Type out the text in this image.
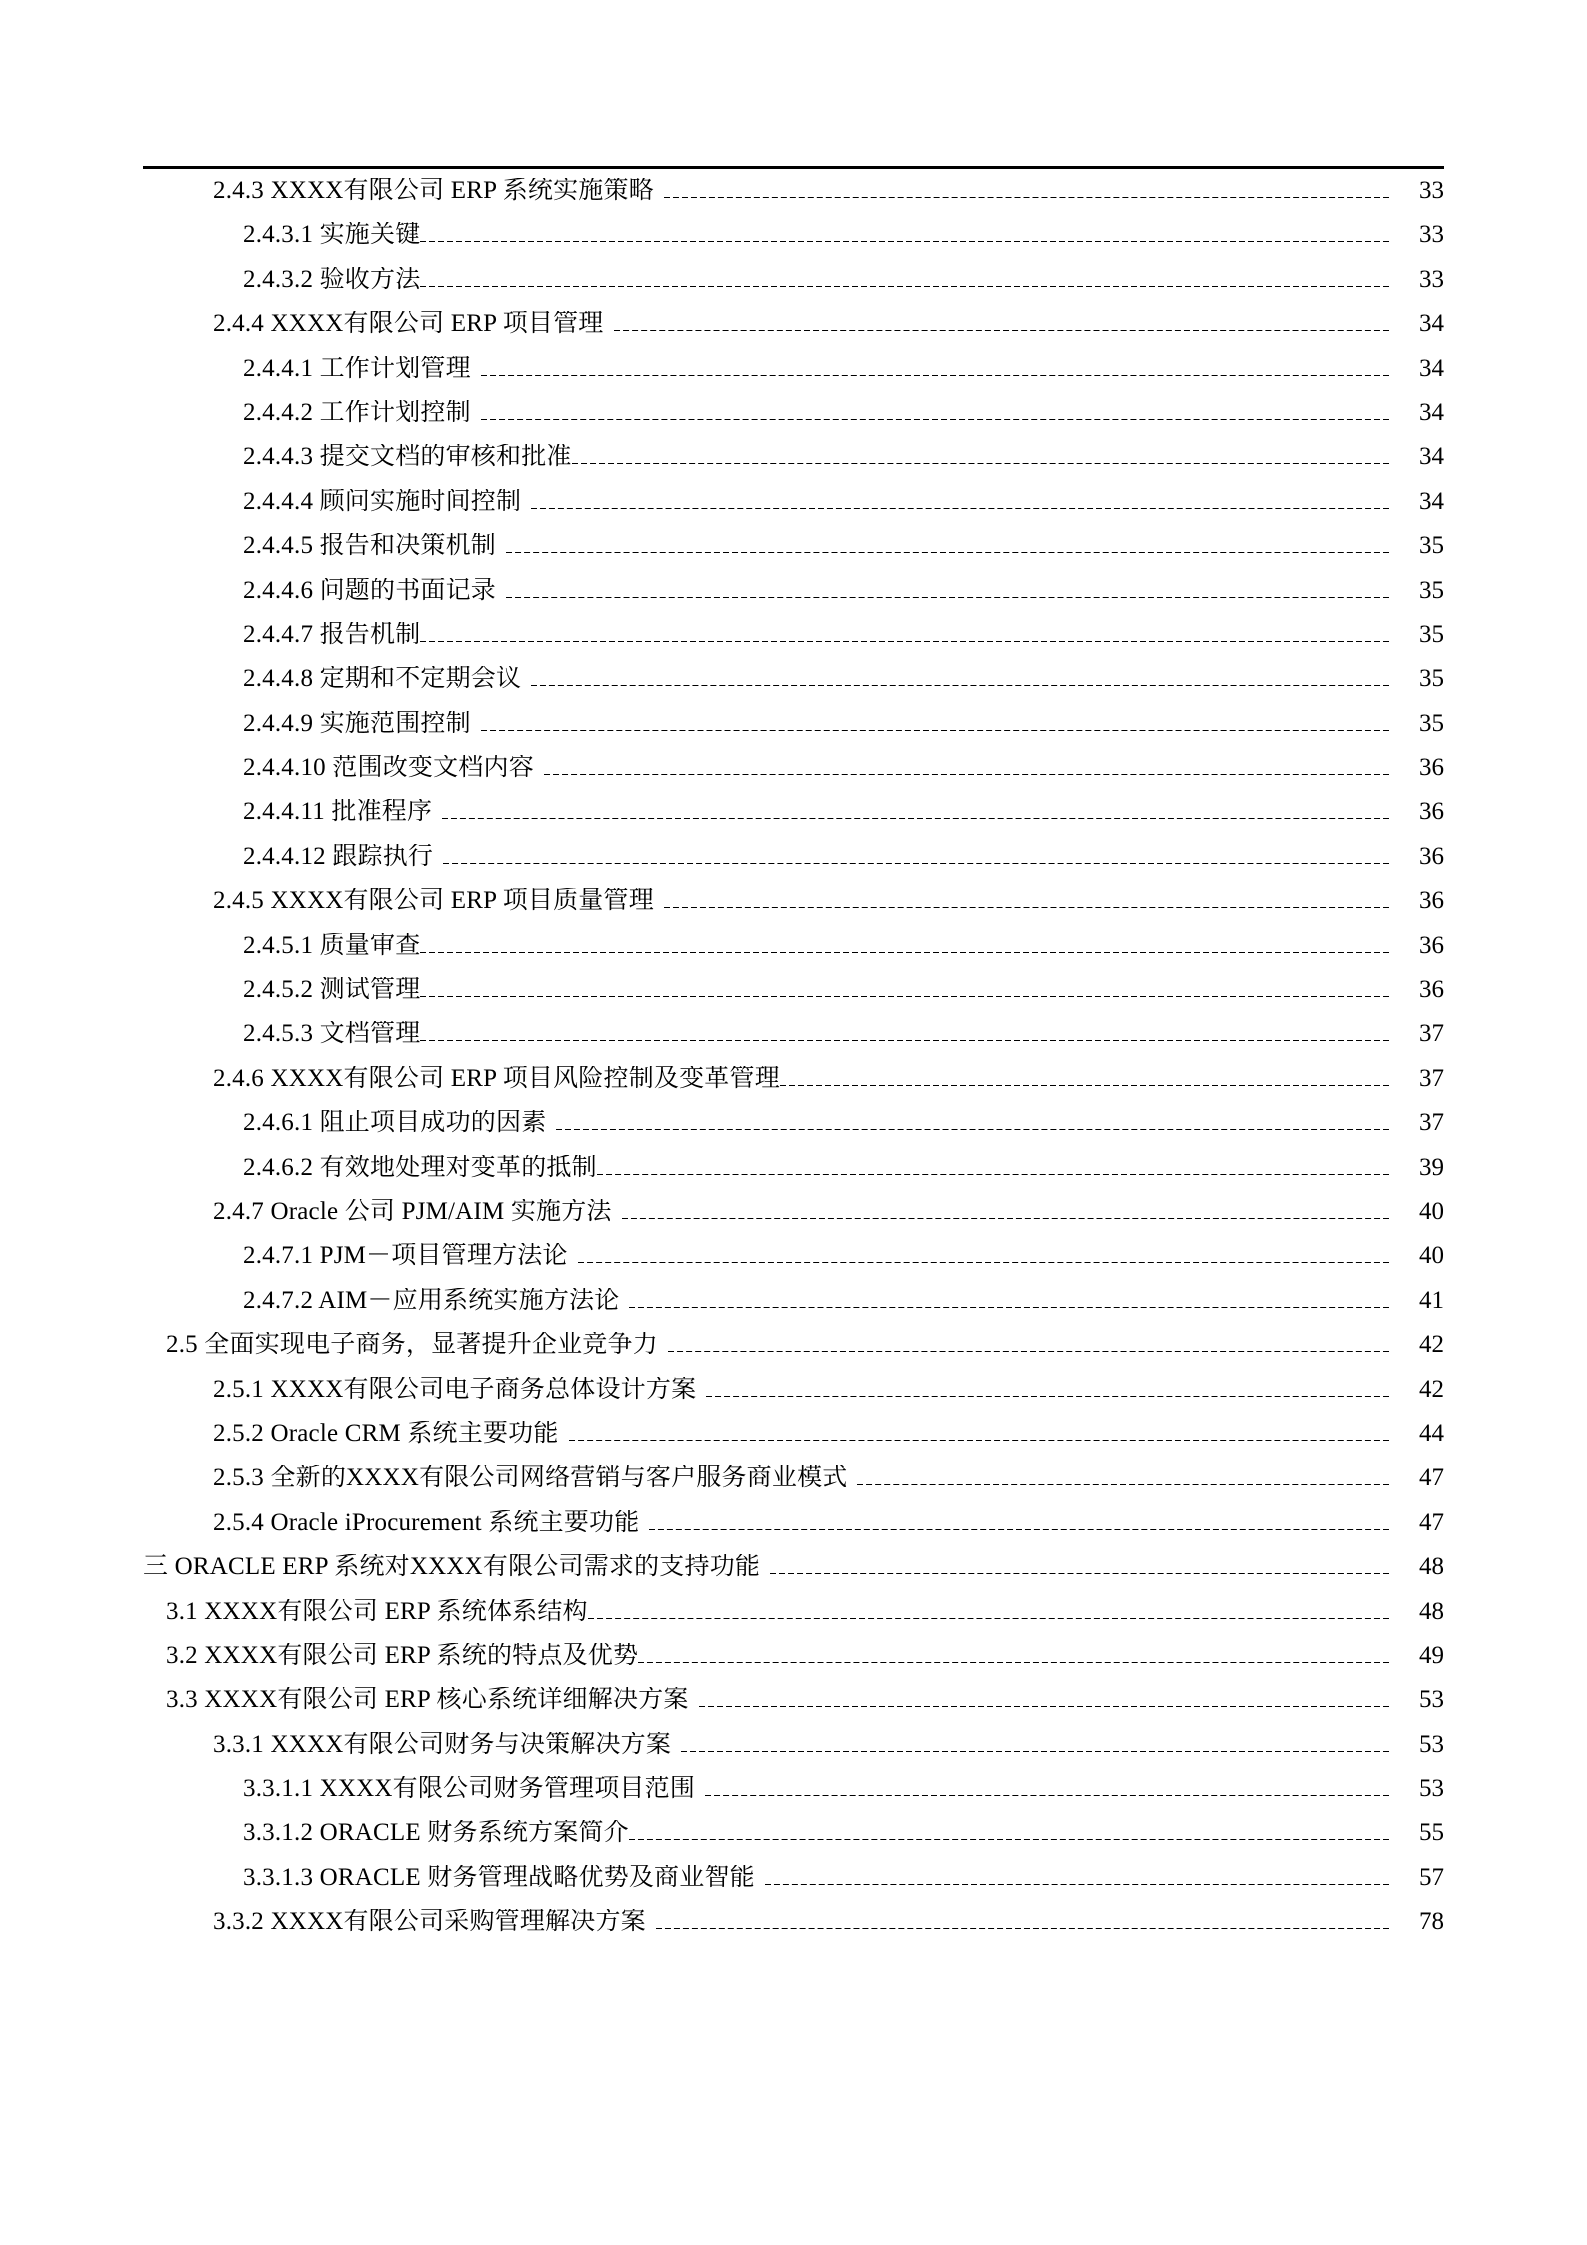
2.4.3 XXXX有限公司 ERP 系统实施策略	33
2.4.3.1 实施关键	33
2.4.3.2 验收方法	33
2.4.4 XXXX有限公司 ERP 项目管理	34
2.4.4.1 工作计划管理	34
2.4.4.2 工作计划控制	34
2.4.4.3 提交文档的审核和批准	34
2.4.4.4 顾问实施时间控制	34
2.4.4.5 报告和决策机制	35
2.4.4.6 问题的书面记录	35
2.4.4.7 报告机制	35
2.4.4.8 定期和不定期会议	35
2.4.4.9 实施范围控制	35
2.4.4.10 范围改变文档内容	36
2.4.4.11 批准程序	36
2.4.4.12 跟踪执行	36
2.4.5 XXXX有限公司 ERP 项目质量管理	36
2.4.5.1 质量审查	36
2.4.5.2 测试管理	36
2.4.5.3 文档管理	37
2.4.6 XXXX有限公司 ERP 项目风险控制及变革管理	37
2.4.6.1 阻止项目成功的因素	37
2.4.6.2 有效地处理对变革的抵制	39
2.4.7 Oracle 公司 PJM/AIM 实施方法	40
2.4.7.1 PJM－项目管理方法论	40
2.4.7.2 AIM－应用系统实施方法论	41
2.5 全面实现电子商务，显著提升企业竞争力	42
2.5.1 XXXX有限公司电子商务总体设计方案	42
2.5.2 Oracle CRM 系统主要功能	44
2.5.3 全新的XXXX有限公司网络营销与客户服务商业模式	47
2.5.4 Oracle iProcurement 系统主要功能	47
三 ORACLE ERP 系统对XXXX有限公司需求的支持功能	48
3.1 XXXX有限公司 ERP 系统体系结构	48
3.2 XXXX有限公司 ERP 系统的特点及优势	49
3.3 XXXX有限公司 ERP 核心系统详细解决方案	53
3.3.1 XXXX有限公司财务与决策解决方案	53
3.3.1.1 XXXX有限公司财务管理项目范围	53
3.3.1.2 ORACLE 财务系统方案简介	55
3.3.1.3 ORACLE 财务管理战略优势及商业智能	57
3.3.2 XXXX有限公司采购管理解决方案	78
